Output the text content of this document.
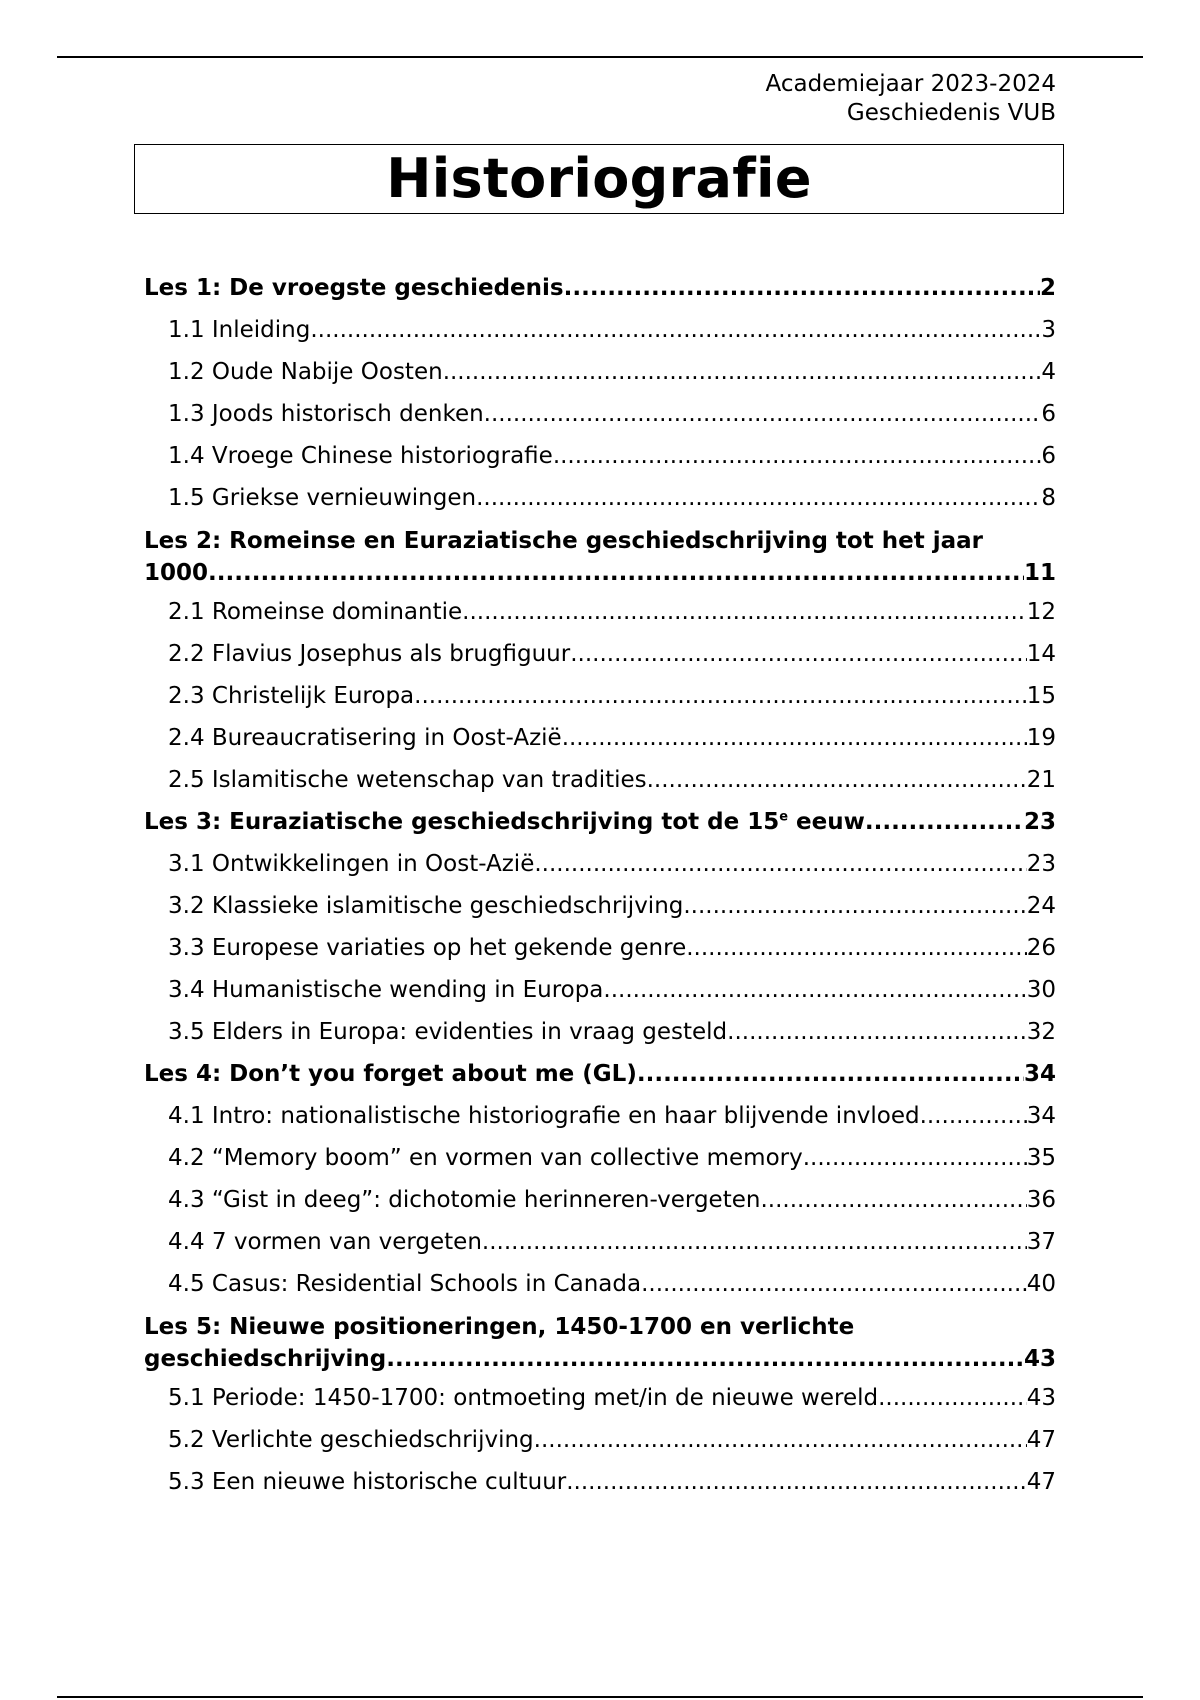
Academiejaar 2023-2024
Geschiedenis VUB
Historiografie
Les 1: De vroegste geschiedenis .....	2
1.1 Inleiding .....	3
1.2 Oude Nabije Oosten .....	4
1.3 Joods historisch denken .....	6
1.4 Vroege Chinese historiografie .....	6
1.5 Griekse vernieuwingen .....	8
Les 2: Romeinse en Euraziatische geschiedschrijving tot het jaar
1000 .....	11
2.1 Romeinse dominantie .....	12
2.2 Flavius Josephus als brugfiguur .....	14
2.3 Christelijk Europa .....	15
2.4 Bureaucratisering in Oost-Azië .....	19
2.5 Islamitische wetenschap van tradities .....	21
Les 3: Euraziatische geschiedschrijving tot de 15e eeuw .....	23
3.1 Ontwikkelingen in Oost-Azië .....	23
3.2 Klassieke islamitische geschiedschrijving .....	24
3.3 Europese variaties op het gekende genre .....	26
3.4 Humanistische wending in Europa .....	30
3.5 Elders in Europa: evidenties in vraag gesteld .....	32
Les 4: Don’t you forget about me (GL) .....	34
4.1 Intro: nationalistische historiografie en haar blijvende invloed .....	34
4.2 “Memory boom” en vormen van collective memory .....	35
4.3 “Gist in deeg”: dichotomie herinneren-vergeten .....	36
4.4 7 vormen van vergeten .....	37
4.5 Casus: Residential Schools in Canada .....	40
Les 5: Nieuwe positioneringen, 1450-1700 en verlichte
geschiedschrijving .....	43
5.1 Periode: 1450-1700: ontmoeting met/in de nieuwe wereld .....	43
5.2 Verlichte geschiedschrijving .....	47
5.3 Een nieuwe historische cultuur .....	47
